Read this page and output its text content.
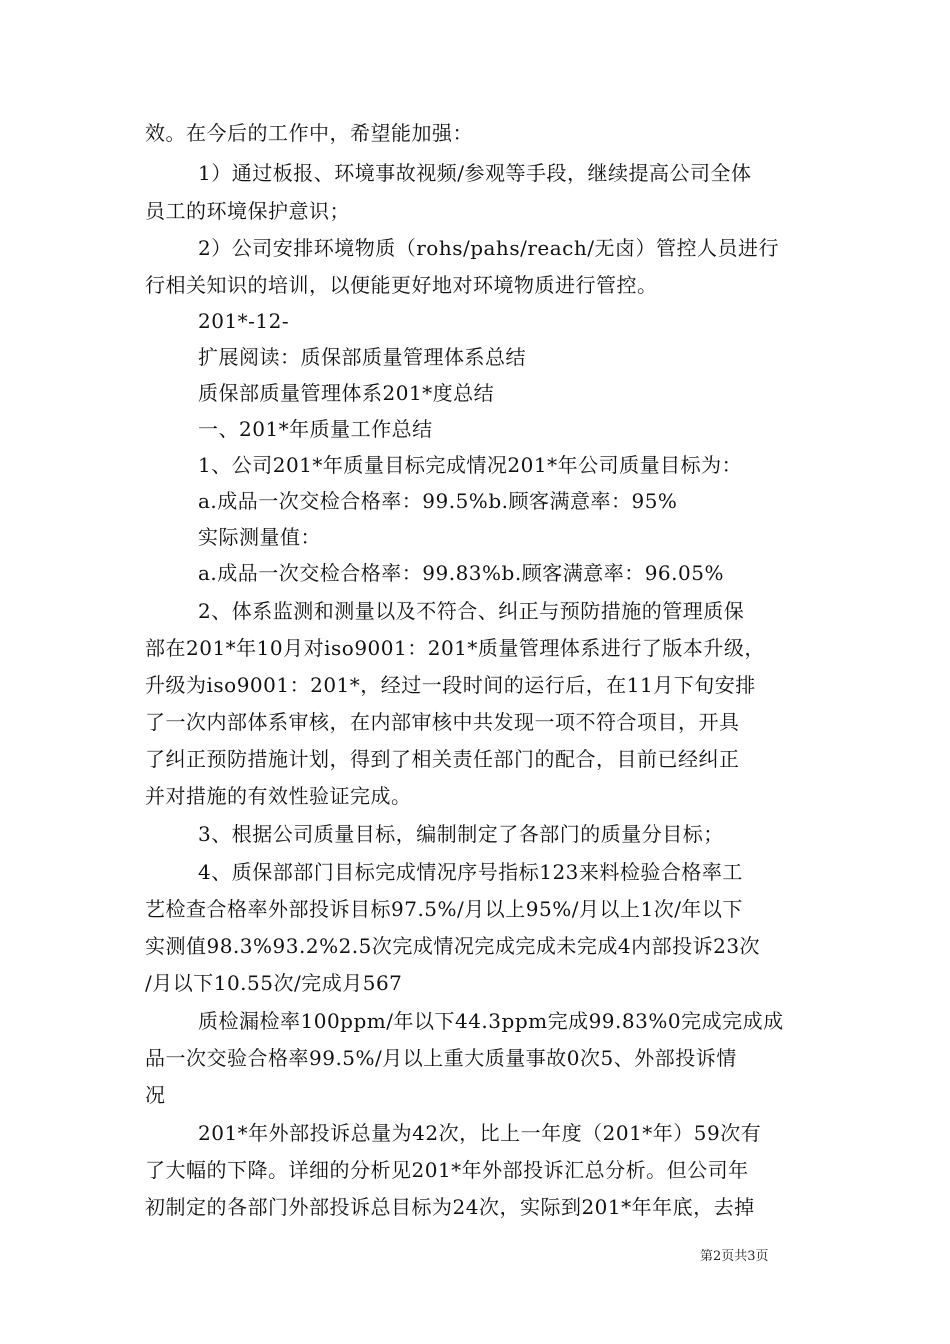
效。在今后的工作中，希望能加强：
1）通过板报、环境事故视频/参观等手段，继续提高公司全体
员工的环境保护意识；
2）公司安排环境物质（rohs/pahs/reach/无卤）管控人员进行
行相关知识的培训，以便能更好地对环境物质进行管控。
201*-12-
扩展阅读：质保部质量管理体系总结
质保部质量管理体系201*度总结
一、201*年质量工作总结
1、公司201*年质量目标完成情况201*年公司质量目标为：
a.成品一次交检合格率：99.5%b.顾客满意率：95%
实际测量值：
a.成品一次交检合格率：99.83%b.顾客满意率：96.05%
2、体系监测和测量以及不符合、纠正与预防措施的管理质保
部在201*年10月对iso9001：201*质量管理体系进行了版本升级，
升级为iso9001：201*，经过一段时间的运行后，在11月下旬安排
了一次内部体系审核，在内部审核中共发现一项不符合项目，开具
了纠正预防措施计划，得到了相关责任部门的配合，目前已经纠正
并对措施的有效性验证完成。
3、根据公司质量目标，编制制定了各部门的质量分目标；
4、质保部部门目标完成情况序号指标123来料检验合格率工
艺检查合格率外部投诉目标97.5%/月以上95%/月以上1次/年以下
实测值98.3%93.2%2.5次完成情况完成完成未完成4内部投诉23次
/月以下10.55次/完成月567
质检漏检率100ppm/年以下44.3ppm完成99.83%0完成完成成
品一次交验合格率99.5%/月以上重大质量事故0次5、外部投诉情
况
201*年外部投诉总量为42次，比上一年度（201*年）59次有
了大幅的下降。详细的分析见201*年外部投诉汇总分析。但公司年
初制定的各部门外部投诉总目标为24次，实际到201*年年底，去掉
第2页共3页
